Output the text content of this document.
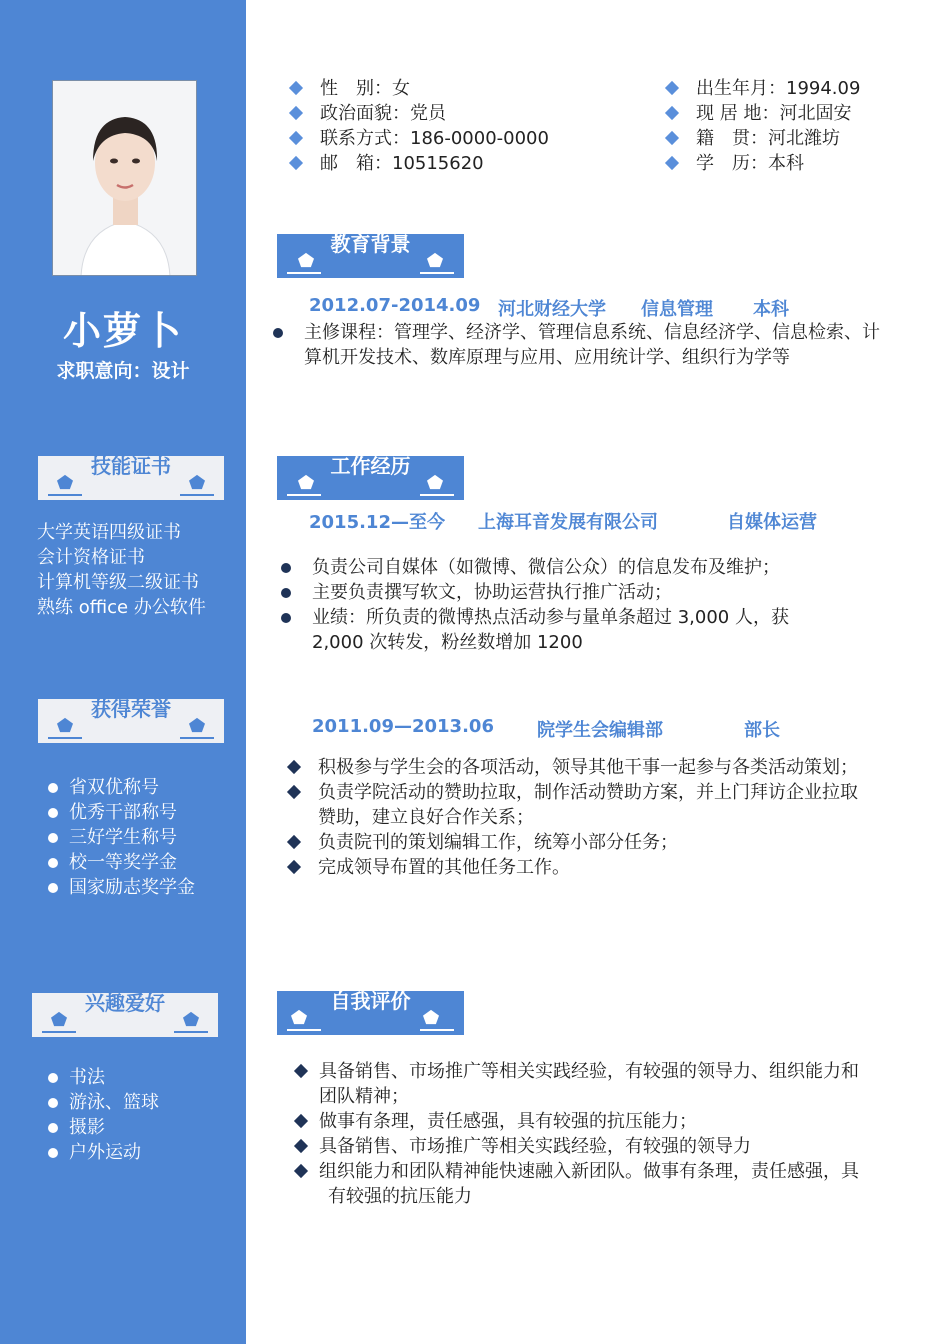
小萝卜
求职意向：设计
技能证书
大学英语四级证书
会计资格证书
计算机等级二级证书
熟练 office 办公软件
获得荣誉
省双优称号
优秀干部称号
三好学生称号
校一等奖学金
国家励志奖学金
兴趣爱好
书法
游泳、篮球
摄影
户外运动
性　别：女
政治面貌：党员
联系方式：186-0000-0000
邮　箱：10515620
出生年月：1994.09
现 居 地：河北固安
籍　贯：河北潍坊
学　历：本科
教育背景
2012.07-2014.09 河北财经大学 信息管理 本科
主修课程：管理学、经济学、管理信息系统、信息经济学、信息检索、计
算机开发技术、数库原理与应用、应用统计学、组织行为学等
工作经历
2015.12—至今 上海耳音发展有限公司	自媒体运营
负责公司自媒体（如微博、微信公众）的信息发布及维护；
主要负责撰写软文，协助运营执行推广活动；
业绩：所负责的微博热点活动参与量单条超过 3,000 人，获
2,000 次转发，粉丝数增加 1200
2011.09—2013.06 院学生会编辑部	部长
积极参与学生会的各项活动，领导其他干事一起参与各类活动策划；
负责学院活动的赞助拉取，制作活动赞助方案，并上门拜访企业拉取
赞助，建立良好合作关系；
负责院刊的策划编辑工作，统筹小部分任务；
完成领导布置的其他任务工作。
自我评价
具备销售、市场推广等相关实践经验，有较强的领导力、组织能力和
团队精神；
做事有条理，责任感强，具有较强的抗压能力；
具备销售、市场推广等相关实践经验，有较强的领导力
组织能力和团队精神能快速融入新团队。做事有条理，责任感强，具
有较强的抗压能力
